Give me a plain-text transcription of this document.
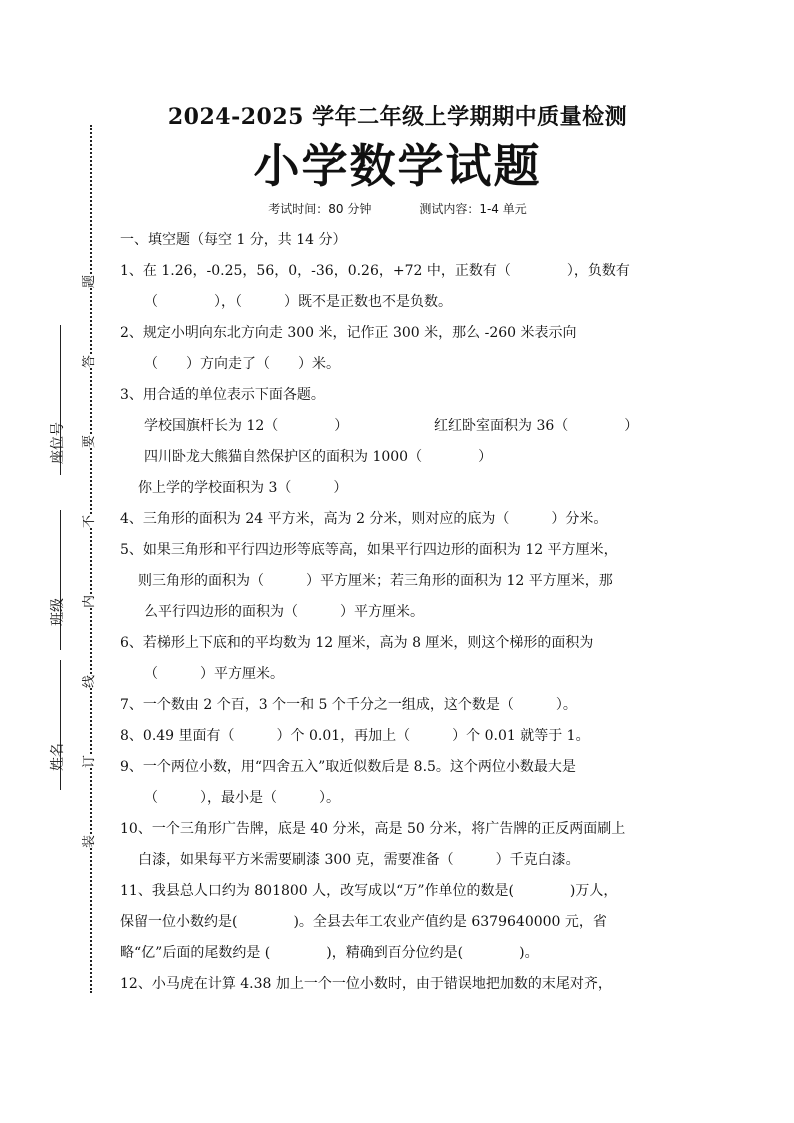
座位号
班级
姓名
题
答
要
不
内
线
订
装
2024-2025 学年二年级上学期期中质量检测
小学数学试题
考试时间：80 分钟	测试内容：1-4 单元

一、填空题（每空 1 分，共 14 分）

1、在 1.26，-0.25，56，0，-36，0.26，+72 中，正数有（　　　　），负数有

（　　　　），（　　　）既不是正数也不是负数。

2、规定小明向东北方向走 300 米，记作正 300 米，那么 -260 米表示向

（　　）方向走了（　　）米。

3、用合适的单位表示下面各题。

学校国旗杆长为 12（　　　　）	红红卧室面积为 36（　　　　）

四川卧龙大熊猫自然保护区的面积为 1000（　　　　）

你上学的学校面积为 3（　　　）

4、三角形的面积为 24 平方米，高为 2 分米，则对应的底为（　　　）分米。

5、如果三角形和平行四边形等底等高，如果平行四边形的面积为 12 平方厘米，

则三角形的面积为（　　　）平方厘米；若三角形的面积为 12 平方厘米，那

么平行四边形的面积为（　　　）平方厘米。

6、若梯形上下底和的平均数为 12 厘米，高为 8 厘米，则这个梯形的面积为

（　　　）平方厘米。

7、一个数由 2 个百，3 个一和 5 个千分之一组成，这个数是（　　　）。

8、0.49 里面有（　　　）个 0.01，再加上（　　　）个 0.01 就等于 1。

9、一个两位小数，用“四舍五入”取近似数后是 8.5。这个两位小数最大是

（　　　），最小是（　　　）。

10、一个三角形广告牌，底是 40 分米，高是 50 分米，将广告牌的正反两面刷上

白漆，如果每平方米需要刷漆 300 克，需要准备（　　　）千克白漆。

11、我县总人口约为 801800 人，改写成以“万”作单位的数是(　　　　)万人，

保留一位小数约是(　　　　)。全县去年工农业产值约是 6379640000 元，省

略“亿”后面的尾数约是 (　　　　)，精确到百分位约是(　　　　)。

12、小马虎在计算 4.38 加上一个一位小数时，由于错误地把加数的末尾对齐，
